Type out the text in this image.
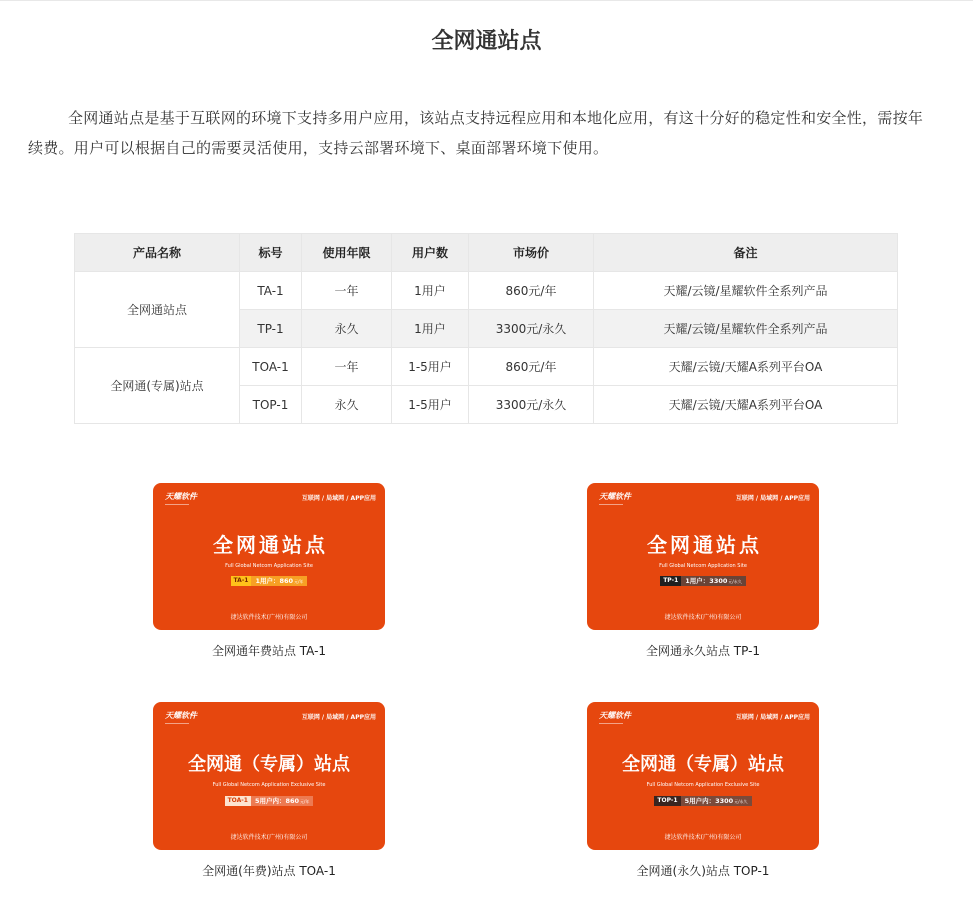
全网通站点

全网通站点是基于互联网的环境下支持多用户应用，该站点支持远程应用和本地化应用，有这十分好的稳定性和安全性，需按年续费。用户可以根据自己的需要灵活使用，支持云部署环境下、桌面部署环境下使用。

产品名称	标号	使用年限	用户数	市场价	备注
全网通站点	TA-1	一年	1用户	860元/年	天耀/云镜/星耀软件全系列产品
	TP-1	永久	1用户	3300元/永久	天耀/云镜/星耀软件全系列产品
全网通(专属)站点	TOA-1	一年	1-5用户	860元/年	天耀/云镜/天耀A系列平台OA
	TOP-1	永久	1-5用户	3300元/永久	天耀/云镜/天耀A系列平台OA
天耀软件	互联网 / 局域网 / APP应用
全网通站点
Full Global Netcom Application Site
TA-1	1用户：860 元/年
捷达软件技术(广州)有限公司
全网通年费站点 TA-1
天耀软件	互联网 / 局域网 / APP应用
全网通站点
Full Global Netcom Application Site
TP-1	1用户：3300 元/永久
捷达软件技术(广州)有限公司
全网通永久站点 TP-1
天耀软件	互联网 / 局域网 / APP应用
全网通（专属）站点
Full Global Netcom Application Exclusive Site
TOA-1	5用户内：860 元/年
捷达软件技术(广州)有限公司
全网通(年费)站点 TOA-1
天耀软件	互联网 / 局域网 / APP应用
全网通（专属）站点
Full Global Netcom Application Exclusive Site
TOP-1	5用户内：3300 元/永久
捷达软件技术(广州)有限公司
全网通(永久)站点 TOP-1
